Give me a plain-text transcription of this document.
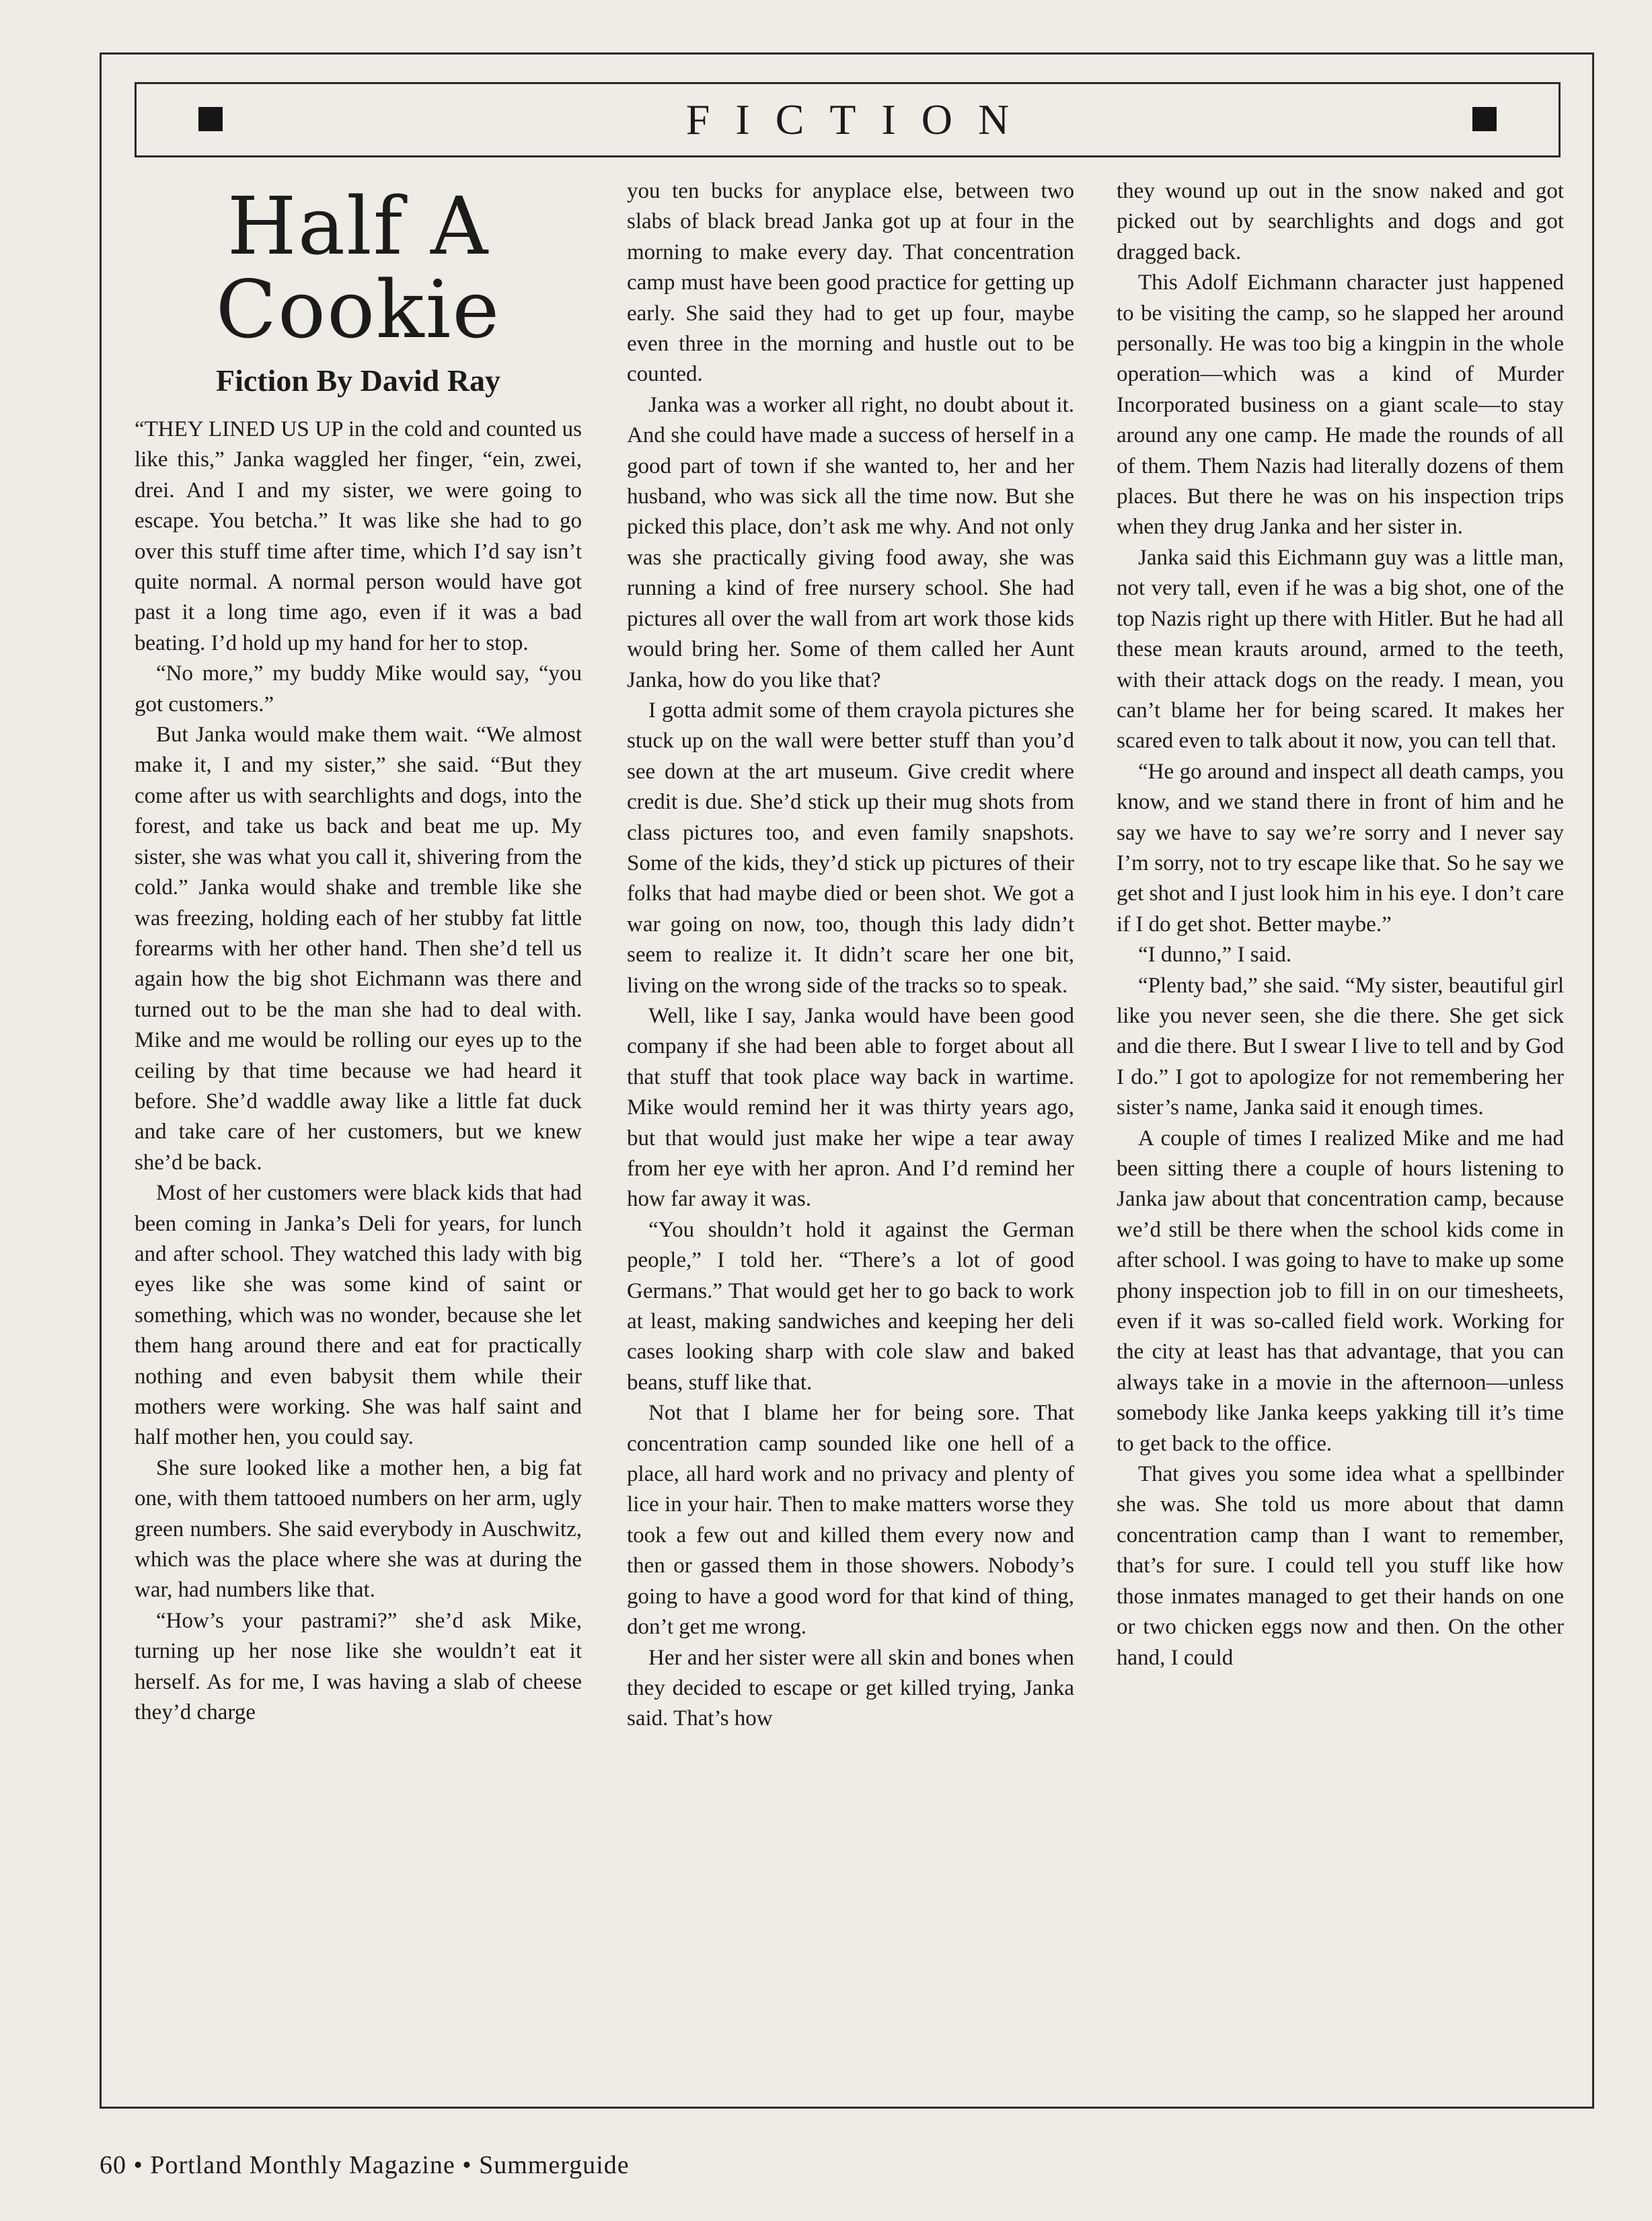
FICTION
Half A
Cookie
Fiction By David Ray

“THEY LINED US UP in the cold and counted us like this,” Janka waggled her finger, “ein, zwei, drei. And I and my sister, we were going to escape. You betcha.” It was like she had to go over this stuff time after time, which I’d say isn’t quite normal. A normal person would have got past it a long time ago, even if it was a bad beating. I’d hold up my hand for her to stop.

“No more,” my buddy Mike would say, “you got customers.”

But Janka would make them wait. “We almost make it, I and my sister,” she said. “But they come after us with searchlights and dogs, into the forest, and take us back and beat me up. My sister, she was what you call it, shivering from the cold.” Janka would shake and tremble like she was freezing, holding each of her stubby fat little forearms with her other hand. Then she’d tell us again how the big shot Eichmann was there and turned out to be the man she had to deal with. Mike and me would be rolling our eyes up to the ceiling by that time because we had heard it before. She’d waddle away like a little fat duck and take care of her customers, but we knew she’d be back.

Most of her customers were black kids that had been coming in Janka’s Deli for years, for lunch and after school. They watched this lady with big eyes like she was some kind of saint or something, which was no wonder, because she let them hang around there and eat for practically nothing and even babysit them while their mothers were working. She was half saint and half mother hen, you could say.

She sure looked like a mother hen, a big fat one, with them tattooed numbers on her arm, ugly green numbers. She said everybody in Auschwitz, which was the place where she was at during the war, had numbers like that.

“How’s your pastrami?” she’d ask Mike, turning up her nose like she wouldn’t eat it herself. As for me, I was having a slab of cheese they’d charge

you ten bucks for anyplace else, between two slabs of black bread Janka got up at four in the morning to make every day. That concentration camp must have been good practice for getting up early. She said they had to get up four, maybe even three in the morning and hustle out to be counted.

Janka was a worker all right, no doubt about it. And she could have made a success of herself in a good part of town if she wanted to, her and her husband, who was sick all the time now. But she picked this place, don’t ask me why. And not only was she practically giving food away, she was running a kind of free nursery school. She had pictures all over the wall from art work those kids would bring her. Some of them called her Aunt Janka, how do you like that?

I gotta admit some of them crayola pictures she stuck up on the wall were better stuff than you’d see down at the art museum. Give credit where credit is due. She’d stick up their mug shots from class pictures too, and even family snapshots. Some of the kids, they’d stick up pictures of their folks that had maybe died or been shot. We got a war going on now, too, though this lady didn’t seem to realize it. It didn’t scare her one bit, living on the wrong side of the tracks so to speak.

Well, like I say, Janka would have been good company if she had been able to forget about all that stuff that took place way back in wartime. Mike would remind her it was thirty years ago, but that would just make her wipe a tear away from her eye with her apron. And I’d remind her how far away it was.

“You shouldn’t hold it against the German people,” I told her. “There’s a lot of good Germans.” That would get her to go back to work at least, making sandwiches and keeping her deli cases looking sharp with cole slaw and baked beans, stuff like that.

Not that I blame her for being sore. That concentration camp sounded like one hell of a place, all hard work and no privacy and plenty of lice in your hair. Then to make matters worse they took a few out and killed them every now and then or gassed them in those showers. Nobody’s going to have a good word for that kind of thing, don’t get me wrong.

Her and her sister were all skin and bones when they decided to escape or get killed trying, Janka said. That’s how

they wound up out in the snow naked and got picked out by searchlights and dogs and got dragged back.

This Adolf Eichmann character just happened to be visiting the camp, so he slapped her around personally. He was too big a kingpin in the whole operation—which was a kind of Murder Incorporated business on a giant scale—to stay around any one camp. He made the rounds of all of them. Them Nazis had literally dozens of them places. But there he was on his inspection trips when they drug Janka and her sister in.

Janka said this Eichmann guy was a little man, not very tall, even if he was a big shot, one of the top Nazis right up there with Hitler. But he had all these mean krauts around, armed to the teeth, with their attack dogs on the ready. I mean, you can’t blame her for being scared. It makes her scared even to talk about it now, you can tell that.

“He go around and inspect all death camps, you know, and we stand there in front of him and he say we have to say we’re sorry and I never say I’m sorry, not to try escape like that. So he say we get shot and I just look him in his eye. I don’t care if I do get shot. Better maybe.”

“I dunno,” I said.

“Plenty bad,” she said. “My sister, beautiful girl like you never seen, she die there. She get sick and die there. But I swear I live to tell and by God I do.” I got to apologize for not remembering her sister’s name, Janka said it enough times.

A couple of times I realized Mike and me had been sitting there a couple of hours listening to Janka jaw about that concentration camp, because we’d still be there when the school kids come in after school. I was going to have to make up some phony inspection job to fill in on our timesheets, even if it was so-called field work. Working for the city at least has that advantage, that you can always take in a movie in the afternoon—unless somebody like Janka keeps yakking till it’s time to get back to the office.

That gives you some idea what a spellbinder she was. She told us more about that damn concentration camp than I want to remember, that’s for sure. I could tell you stuff like how those inmates managed to get their hands on one or two chicken eggs now and then. On the other hand, I could

60 • Portland Monthly Magazine • Summerguide
